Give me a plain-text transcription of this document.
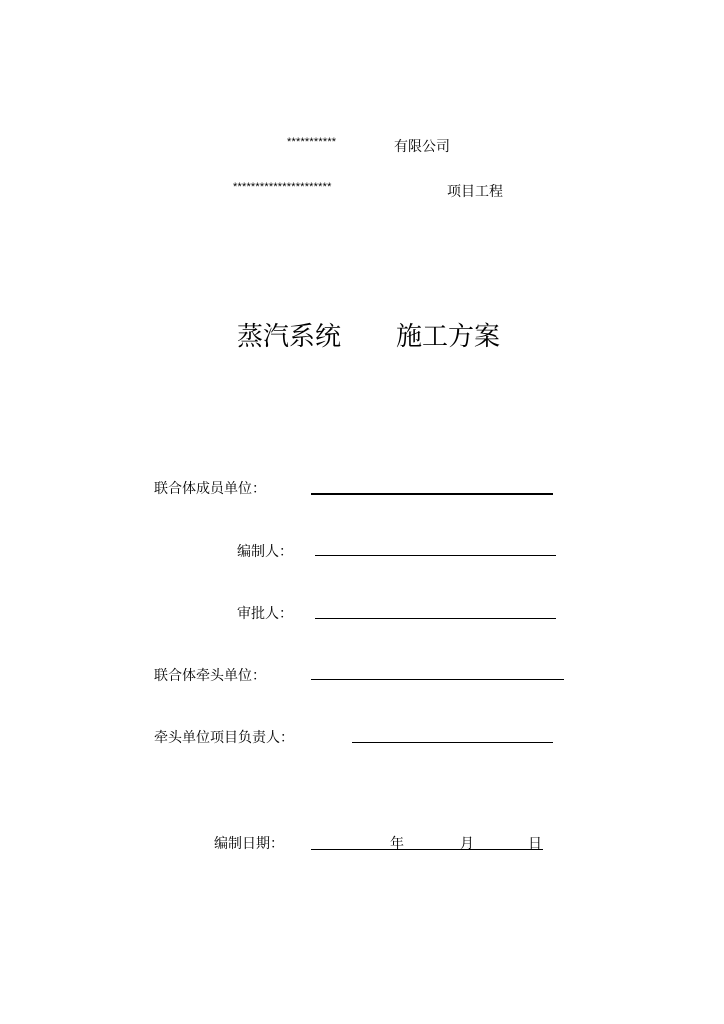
***********	有限公司
**********************	项目工程
蒸汽系统 施工方案
联合体成员单位：
编制人：
审批人：
联合体牵头单位：
牵头单位项目负责人：
编制日期：	年	月	日
